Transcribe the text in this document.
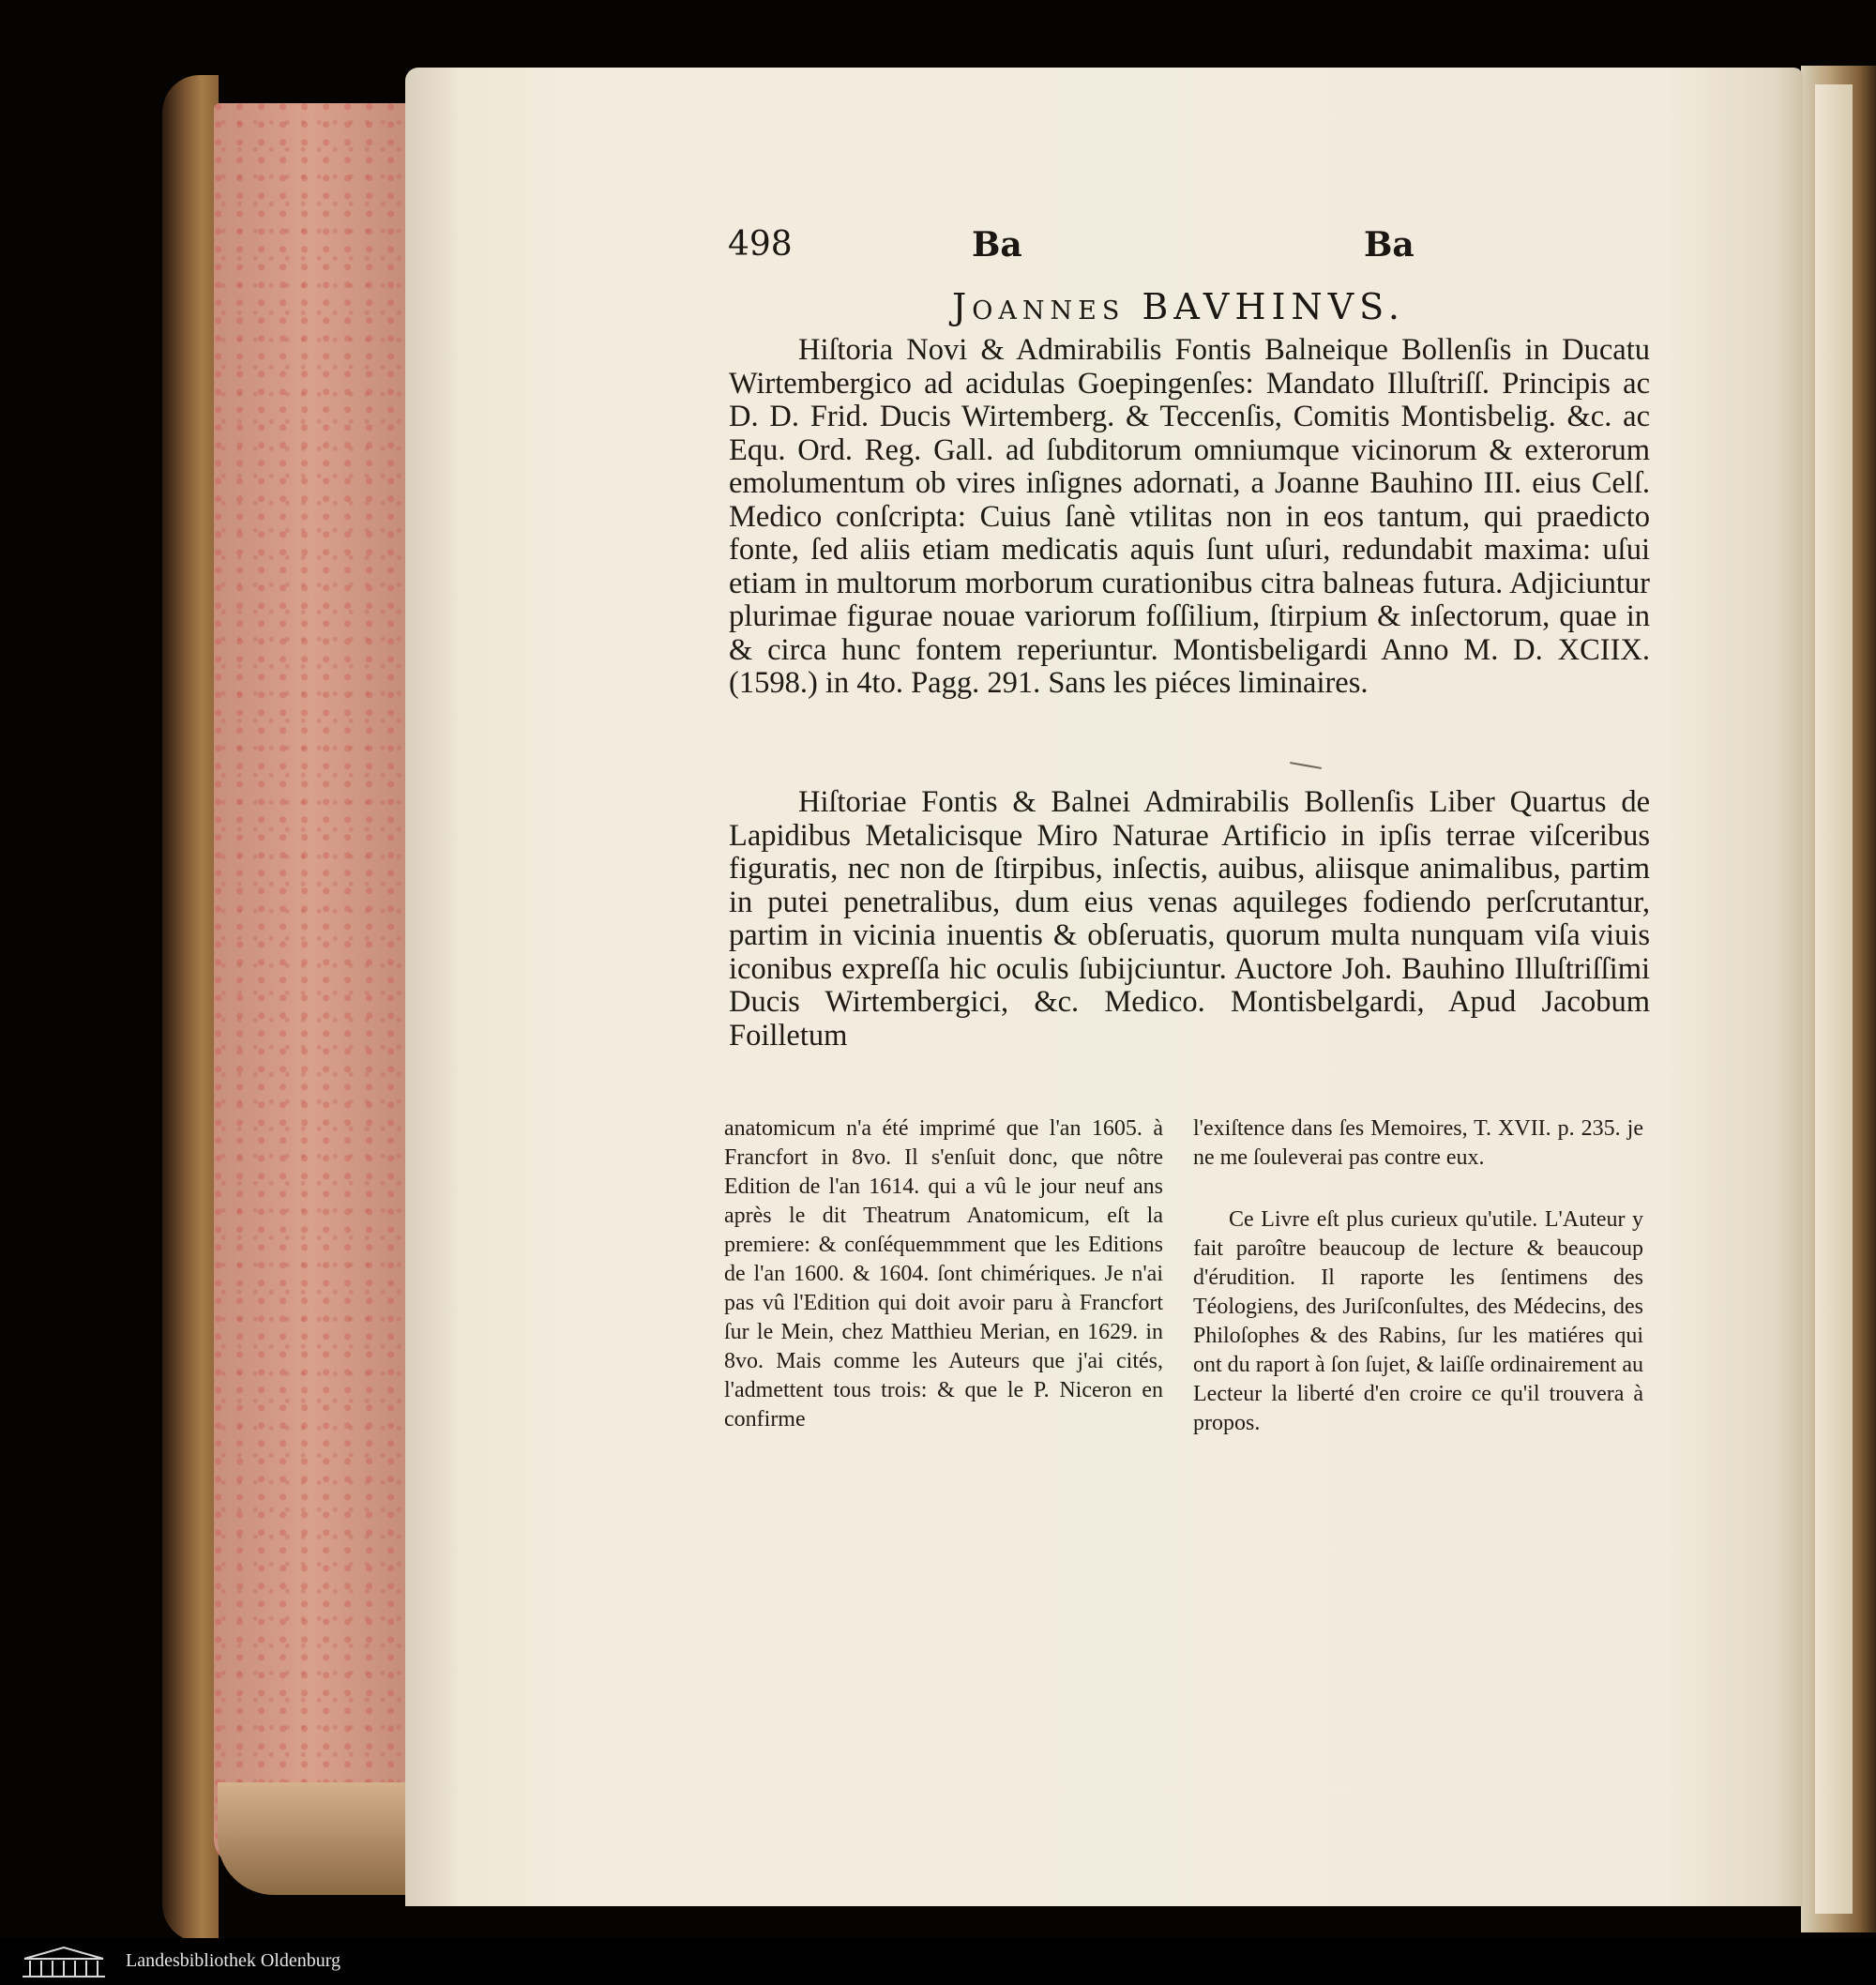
498	Ba	Ba
Joannes BAVHINVS.

Hiſtoria Novi & Admirabilis Fontis Balneique Bollenſis in Ducatu Wirtembergico ad acidulas Goepingenſes: Mandato Illuſtriſſ. Principis ac D. D. Frid. Ducis Wirtemberg. & Teccenſis, Comitis Montisbelig. &c. ac Equ. Ord. Reg. Gall. ad ſubditorum omniumque vicinorum & exterorum emolumentum ob vires inſignes adornati, a Joanne Bauhino III. eius Celſ. Medico conſcripta: Cuius ſanè vtilitas non in eos tantum, qui praedicto fonte, ſed aliis etiam medicatis aquis ſunt uſuri, redundabit maxima: uſui etiam in multorum morborum curationibus citra balneas futura. Adjiciuntur plurimae figurae nouae variorum foſſilium, ſtirpium & inſectorum, quae in & circa hunc fontem reperiuntur. Montisbeligardi Anno M. D. XCIIX. (1598.) in 4to. Pagg. 291. Sans les piéces liminaires.

Hiſtoriae Fontis & Balnei Admirabilis Bollenſis Liber Quartus de Lapidibus Metalicisque Miro Naturae Artificio in ipſis terrae viſceribus figuratis, nec non de ſtirpibus, inſectis, auibus, aliisque animalibus, partim in putei penetralibus, dum eius venas aquileges fodiendo perſcrutantur, partim in vicinia inuentis & obſeruatis, quorum multa nunquam viſa viuis iconibus expreſſa hic oculis ſubijciuntur. Auctore Joh. Bauhino Illuſtriſſimi Ducis Wirtembergici, &c. Medico. Montisbelgardi, Apud Jacobum Foilletum

anatomicum n'a été imprimé que l'an 1605. à Francfort in 8vo. Il s'enſuit donc, que nôtre Edition de l'an 1614. qui a vû le jour neuf ans après le dit Theatrum Anatomicum, eſt la premiere: & conſéquemmment que les Editions de l'an 1600. & 1604. ſont chimériques. Je n'ai pas vû l'Edition qui doit avoir paru à Francfort ſur le Mein, chez Matthieu Merian, en 1629. in 8vo. Mais comme les Auteurs que j'ai cités, l'admettent tous trois: & que le P. Niceron en confirme

l'exiſtence dans ſes Memoires, T. XVII. p. 235. je ne me ſouleverai pas contre eux.

Ce Livre eſt plus curieux qu'utile. L'Auteur y fait paroître beaucoup de lecture & beaucoup d'érudition. Il raporte les ſentimens des Téologiens, des Juriſconſultes, des Médecins, des Philoſophes & des Rabins, ſur les matiéres qui ont du raport à ſon ſujet, & laiſſe ordinairement au Lecteur la liberté d'en croire ce qu'il trouvera à propos.

Landesbibliothek Oldenburg
